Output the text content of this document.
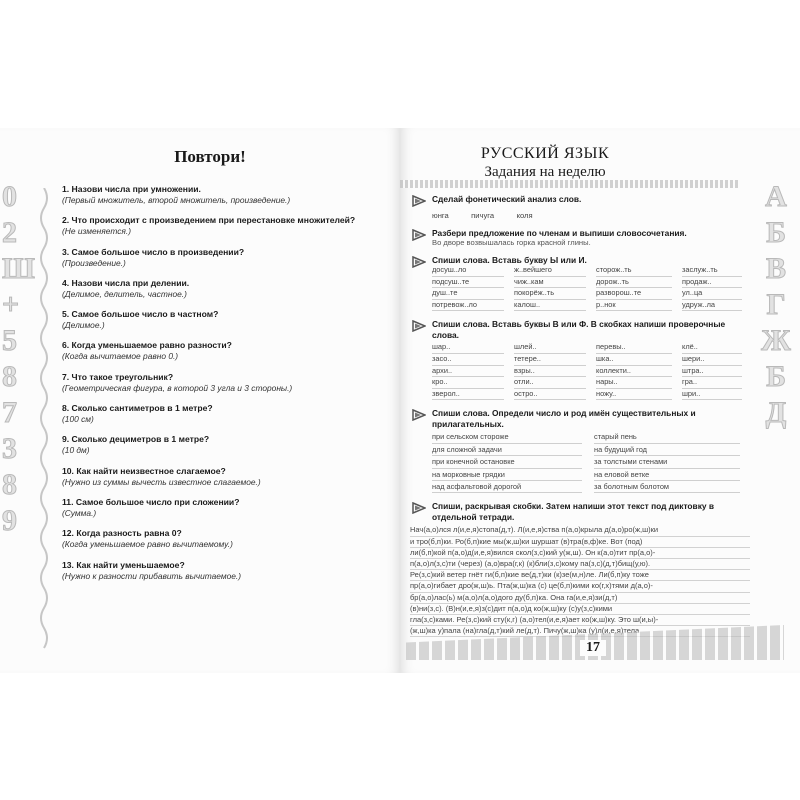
0
2
Ш
+
5
8
7
3
8
9
Повтори!
1. Назови числа при умножении.
(Первый множитель, второй множитель, произведение.)
2. Что происходит с произведением при перестановке множителей?
(Не изменяется.)
3. Самое большое число в произведении?
(Произведение.)
4. Назови числа при делении.
(Делимое, делитель, частное.)
5. Самое большое число в частном?
(Делимое.)
6. Когда уменьшаемое равно разности?
(Когда вычитаемое равно 0.)
7. Что такое треугольник?
(Геометрическая фигура, в которой 3 угла и 3 стороны.)
8. Сколько сантиметров в 1 метре?
(100 см)
9. Сколько дециметров в 1 метре?
(10 дм)
10. Как найти неизвестное слагаемое?
(Нужно из суммы вычесть известное слагаемое.)
11. Самое большое число при сложении?
(Сумма.)
12. Когда разность равна 0?
(Когда уменьшаемое равно вычитаемому.)
13. Как найти уменьшаемое?
(Нужно к разности прибавить вычитаемое.)
РУССКИЙ ЯЗЫК
Задания на неделю
А
Б
В
Г
Ж
Б
Д
Сделай фонетический анализ слов.
юнга	пичуга	коля
Разбери предложение по членам и выпиши словосочетания.
Во дворе возвышалась горка красной глины.
Спиши слова. Вставь букву Ы или И.
досуш..ло	ж..вейшего	сторож..ть	заслуж..ть
подсуш..те	чиж..кам	дорож..ть	продаж..
душ..те	покорёж..ть	разворош..те	ул..ца
потревож..ло	калош..	р..нок	удруж..ла
Спиши слова. Вставь буквы В или Ф. В скобках напиши проверочные слова.
шар..	шлей..	перевы..	клё..
засо..	тетере..	шка..	шери..
архи..	взры..	коллекти..	штра..
кро..	отли..	нары..	гра..
зверол..	остро..	ножу..	шри..
Спиши слова. Определи число и род имён существительных и прилагательных.
при сельском стороже	старый пень
для сложной задачи	на будущий год
при конечной остановке	за толстыми стенами
на морковные грядки	на еловой ветке
над асфальтовой дорогой	за болотным болотом
Спиши, раскрывая скобки. Затем напиши этот текст под диктовку в отдельной тетради.
Нач(а,о)лся л(и,е,я)стопа(д,т). Л(и,е,я)ства п(а,о)крыла д(а,о)ро(ж,ш)ки
и тро(б,п)ки. Ро(б,п)кие мы(ж,ш)ки шуршат (в)тра(в,ф)ке. Вот (под)
ли(б,п)кой п(а,о)д(и,е,я)вился скол(з,с)кий у(ж,ш). Он к(а,о)тит пр(а,о)-
п(а,о)л(з,с)ти (через) (а,о)вра(г,к) (к)бли(з,с)кому па(з,с)(д,т)бищ(у,ю).
Ре(з,с)кий ветер гнёт ги(б,п)кие ве(д,т)ки (к)зе(м,н)ле. Ли(б,п)ку тоже
пр(а,о)гибает дро(ж,ш)ь. Пта(ж,ш)ка (с) це(б,п)кими ко(г,х)тями д(а,о)-
бр(а,о)лас(ь) м(а,о)л(а,о)дого ду(б,п)ка. Она га(и,е,я)зи(д,т)
(в)ни(з,с). (В)н(и,е,я)з(с)дит п(а,о)д ко(ж,ш)ку (с)у(з,с)кими
гла(з,с)ками. Ре(з,с)кий сту(к,г) (а,о)тел(и,е,я)ает ко(ж,ш)ку. Это ш(и,ы)-
(ж,ш)ка у)пала (на)гла(д,т)кий ле(д,т). Пичу(ж,ш)ка (у)л(и,е,я)тела
17
